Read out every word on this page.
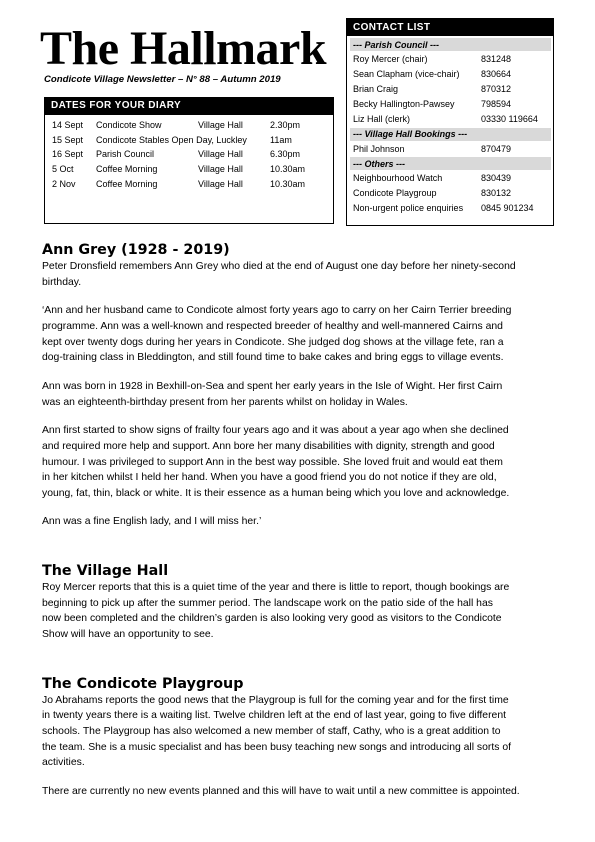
The Hallmark
Condicote Village Newsletter – N° 88 – Autumn 2019
DATES FOR YOUR DIARY
14 Sept	Condicote Show	Village Hall	2.30pm
15 Sept	Condicote Stables Open Day, Luckley		11am
16 Sept	Parish Council	Village Hall	6.30pm
5 Oct	Coffee Morning	Village Hall	10.30am
2 Nov	Coffee Morning	Village Hall	10.30am
CONTACT LIST
--- Parish Council ---
Roy Mercer (chair)	831248
Sean Clapham (vice-chair)	830664
Brian Craig	870312
Becky Hallington-Pawsey	798594
Liz Hall (clerk)	03330 119664
--- Village Hall Bookings ---
Phil Johnson	870479
--- Others ---
Neighbourhood Watch	830439
Condicote Playgroup	830132
Non-urgent police enquiries	0845 901234
Ann Grey (1928 - 2019)

Peter Dronsfield remembers Ann Grey who died at the end of August one day before her ninety-second
birthday.

‘Ann and her husband came to Condicote almost forty years ago to carry on her Cairn Terrier breeding
programme. Ann was a well-known and respected breeder of healthy and well-mannered Cairns and
kept over twenty dogs during her years in Condicote. She judged dog shows at the village fete, ran a
dog-training class in Bleddington, and still found time to bake cakes and bring eggs to village events.

Ann was born in 1928 in Bexhill-on-Sea and spent her early years in the Isle of Wight. Her first Cairn
was an eighteenth-birthday present from her parents whilst on holiday in Wales.

Ann first started to show signs of frailty four years ago and it was about a year ago when she declined
and required more help and support. Ann bore her many disabilities with dignity, strength and good
humour. I was privileged to support Ann in the best way possible. She loved fruit and would eat them
in her kitchen whilst I held her hand. When you have a good friend you do not notice if they are old,
young, fat, thin, black or white. It is their essence as a human being which you love and acknowledge.

Ann was a fine English lady, and I will miss her.’

The Village Hall

Roy Mercer reports that this is a quiet time of the year and there is little to report, though bookings are
beginning to pick up after the summer period. The landscape work on the patio side of the hall has
now been completed and the children’s garden is also looking very good as visitors to the Condicote
Show will have an opportunity to see.

The Condicote Playgroup

Jo Abrahams reports the good news that the Playgroup is full for the coming year and for the first time
in twenty years there is a waiting list. Twelve children left at the end of last year, going to five different
schools. The Playgroup has also welcomed a new member of staff, Cathy, who is a great addition to
the team. She is a music specialist and has been busy teaching new songs and introducing all sorts of
activities.

There are currently no new events planned and this will have to wait until a new committee is appointed.
